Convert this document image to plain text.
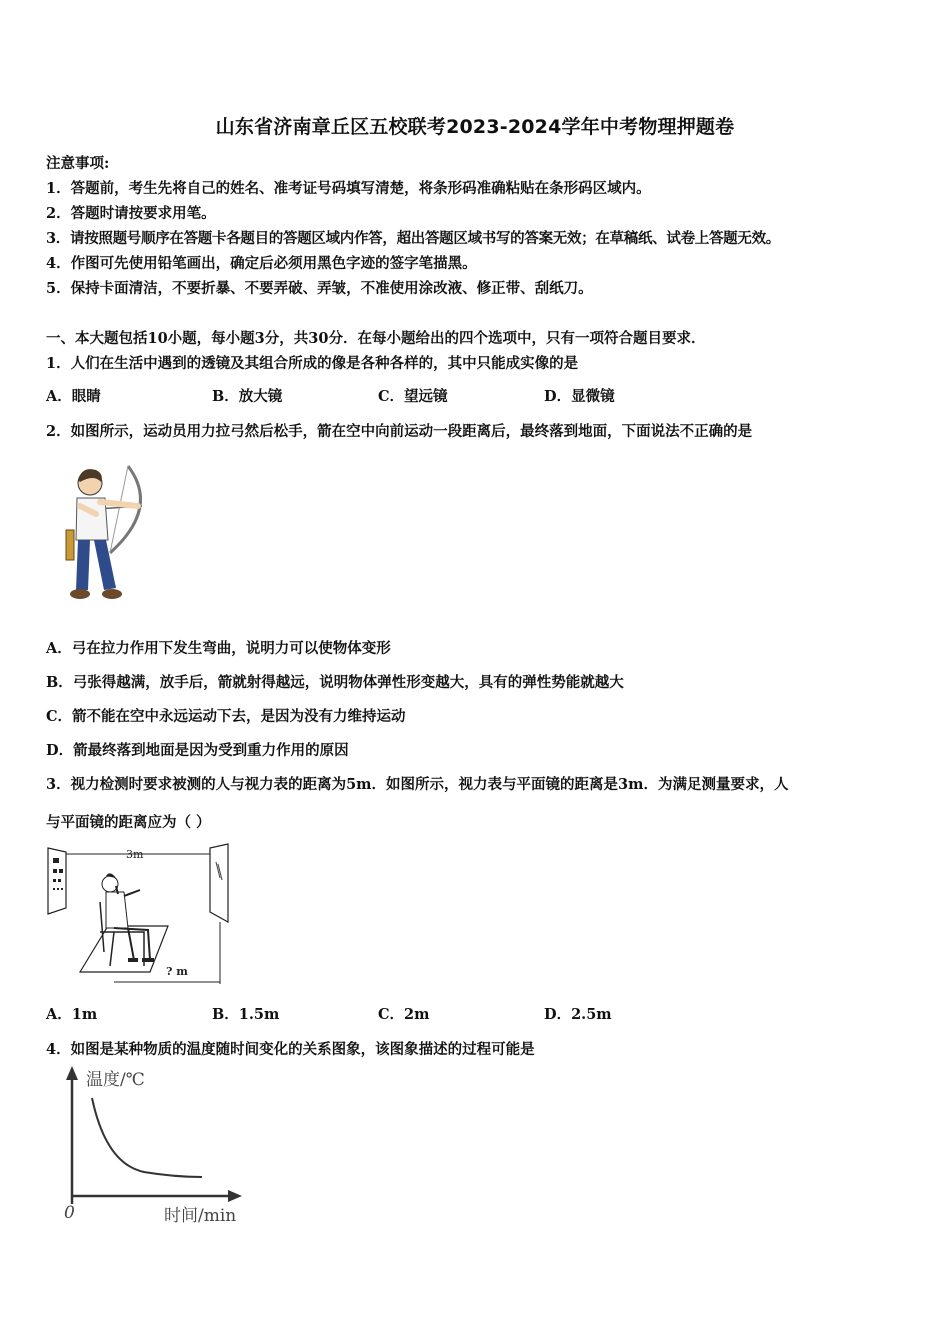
山东省济南章丘区五校联考2023-2024学年中考物理押题卷
注意事项:
1．答题前，考生先将自己的姓名、准考证号码填写清楚，将条形码准确粘贴在条形码区域内。
2．答题时请按要求用笔。
3．请按照题号顺序在答题卡各题目的答题区域内作答，超出答题区域书写的答案无效；在草稿纸、试卷上答题无效。
4．作图可先使用铅笔画出，确定后必须用黑色字迹的签字笔描黑。
5．保持卡面清洁，不要折暴、不要弄破、弄皱，不准使用涂改液、修正带、刮纸刀。
一、本大题包括10小题，每小题3分，共30分．在每小题给出的四个选项中，只有一项符合题目要求．
1．人们在生活中遇到的透镜及其组合所成的像是各种各样的，其中只能成实像的是
A．眼睛	B．放大镜	C．望远镜	D．显微镜
2．如图所示，运动员用力拉弓然后松手，箭在空中向前运动一段距离后，最终落到地面，下面说法不正确的是
A．弓在拉力作用下发生弯曲，说明力可以使物体变形
B．弓张得越满，放手后，箭就射得越远，说明物体弹性形变越大，具有的弹性势能就越大
C．箭不能在空中永远运动下去，是因为没有力维持运动
D．箭最终落到地面是因为受到重力作用的原因
3．视力检测时要求被测的人与视力表的距离为5m．如图所示，视力表与平面镜的距离是3m．为满足测量要求，人
与平面镜的距离应为（ ）
3m
? m
A．1m	B．1.5m	C．2m	D．2.5m
4．如图是某种物质的温度随时间变化的关系图象，该图象描述的过程可能是
温度/℃
0	时间/min
